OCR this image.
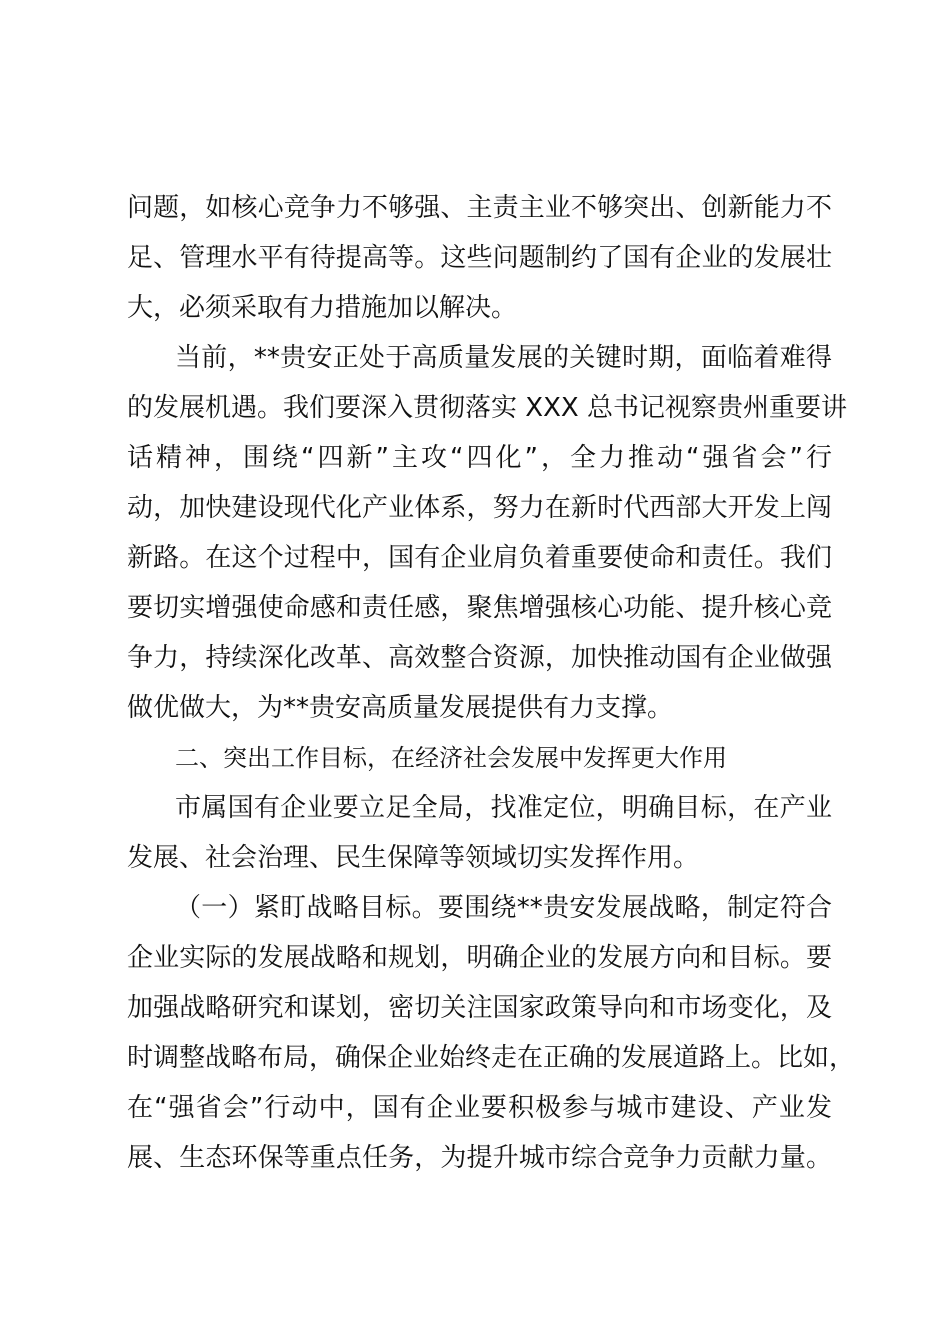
问题，如核心竞争力不够强、主责主业不够突出、创新能力不
足、管理水平有待提高等。这些问题制约了国有企业的发展壮
大，必须采取有力措施加以解决。
当前，**贵安正处于高质量发展的关键时期，面临着难得
的发展机遇。我们要深入贯彻落实 XXX 总书记视察贵州重要讲
话精神，围绕“四新”主攻“四化”，全力推动“强省会”行
动，加快建设现代化产业体系，努力在新时代西部大开发上闯
新路。在这个过程中，国有企业肩负着重要使命和责任。我们
要切实增强使命感和责任感，聚焦增强核心功能、提升核心竞
争力，持续深化改革、高效整合资源，加快推动国有企业做强
做优做大，为**贵安高质量发展提供有力支撑。
二、突出工作目标，在经济社会发展中发挥更大作用
市属国有企业要立足全局，找准定位，明确目标，在产业
发展、社会治理、民生保障等领域切实发挥作用。
（一）紧盯战略目标。要围绕**贵安发展战略，制定符合
企业实际的发展战略和规划，明确企业的发展方向和目标。要
加强战略研究和谋划，密切关注国家政策导向和市场变化，及
时调整战略布局，确保企业始终走在正确的发展道路上。比如，
在“强省会”行动中，国有企业要积极参与城市建设、产业发
展、生态环保等重点任务，为提升城市综合竞争力贡献力量。
